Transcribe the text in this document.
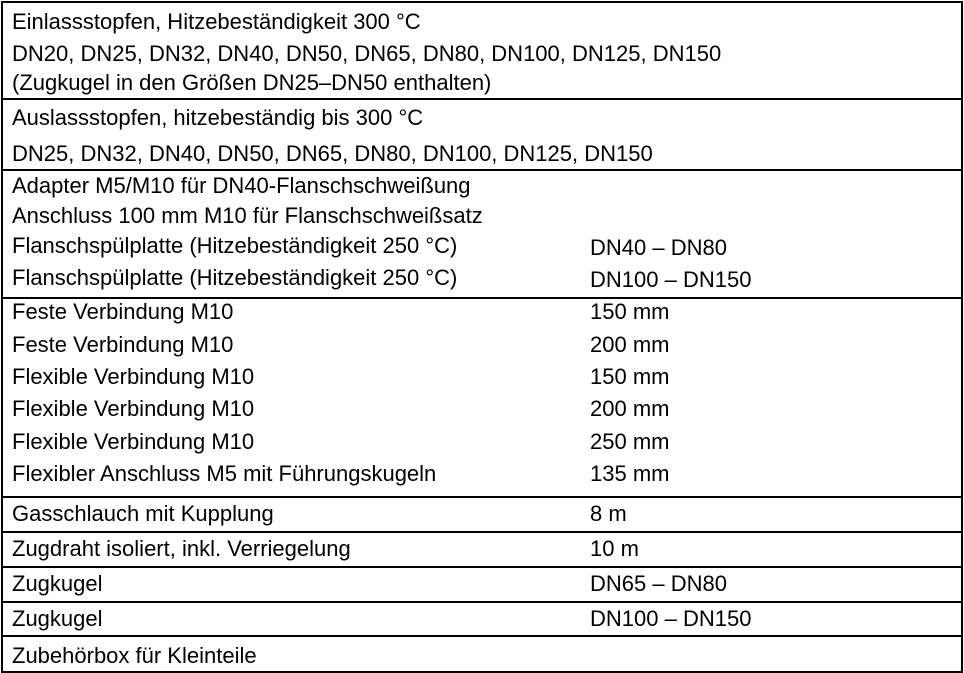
Einlassstopfen, Hitzebeständigkeit 300 °C
DN20, DN25, DN32, DN40, DN50, DN65, DN80, DN100, DN125, DN150
(Zugkugel in den Größen DN25–DN50 enthalten)
Auslassstopfen, hitzebeständig bis 300 °C
DN25, DN32, DN40, DN50, DN65, DN80, DN100, DN125, DN150
Adapter M5/M10 für DN40-Flanschschweißung
Anschluss 100 mm M10 für Flanschschweißsatz
Flanschspülplatte (Hitzebeständigkeit 250 °C)	DN40 – DN80
Flanschspülplatte (Hitzebeständigkeit 250 °C)	DN100 – DN150
Feste Verbindung M10	150 mm
Feste Verbindung M10	200 mm
Flexible Verbindung M10	150 mm
Flexible Verbindung M10	200 mm
Flexible Verbindung M10	250 mm
Flexibler Anschluss M5 mit Führungskugeln	135 mm
Gasschlauch mit Kupplung	8 m
Zugdraht isoliert, inkl. Verriegelung	10 m
Zugkugel	DN65 – DN80
Zugkugel	DN100 – DN150
Zubehörbox für Kleinteile
